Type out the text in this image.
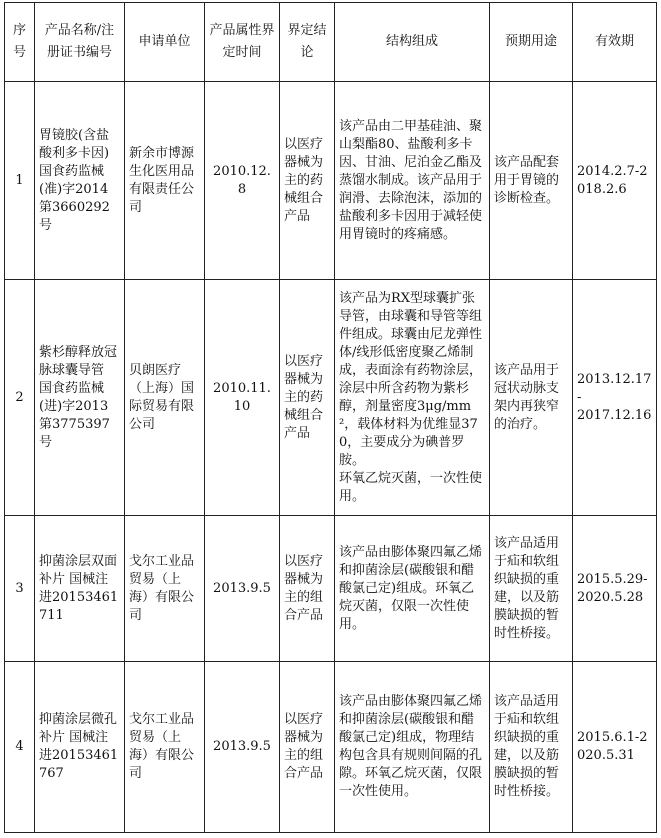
序号	产品名称/注册证书编号	申请单位	产品属性界定时间	界定结论	结构组成	预期用途	有效期
1	胃镜胶(含盐酸利多卡因) 国食药监械(准)字2014第3660292号	新余市博源生化医用品有限责任公司	2010.12.8	以医疗器械为主的药械组合产品	该产品由二甲基硅油、聚山梨酯80、盐酸利多卡因、甘油、尼泊金乙酯及蒸馏水制成。该产品用于润滑、去除泡沫，添加的盐酸利多卡因用于减轻使用胃镜时的疼痛感。	该产品配套用于胃镜的诊断检查。	2014.2.7-2018.2.6
2	紫杉醇释放冠脉球囊导管 国食药监械(进)字2013 第3775397号	贝朗医疗（上海）国
际贸易有限公司	2010.11.10	以医疗器械为主的药械组合产品	该产品为RX型球囊扩张导管，由球囊和导管等组件组成。球囊由尼龙弹性体/线形低密度聚乙烯制成，表面涂有药物涂层，涂层中所含药物为紫杉醇，剂量密度3μg/mm²，载体材料为优维显370，主要成分为碘普罗胺。
环氧乙烷灭菌，一次性使用。	该产品用于冠状动脉支架内再狭窄的治疗。	2013.12.17-
2017.12.16

3	抑菌涂层双面补片 国械注进20153461711	戈尔工业品贸易（上海）有限公司	2013.9.5	以医疗器械为主的组合产品	该产品由膨体聚四氟乙烯和抑菌涂层(碳酸银和醋酸氯己定)组成。环氧乙烷灭菌，仅限一次性使用。	该产品适用于疝和软组织缺损的重建，以及筋膜缺损的暂时性桥接。	2015.5.29-2020.5.28
4	抑菌涂层微孔补片 国械注进20153461767	戈尔工业品贸易（上海）有限公司	2013.9.5	以医疗器械为主的组合产品	该产品由膨体聚四氟乙烯和抑菌涂层(碳酸银和醋酸氯己定)组成，物理结构包含具有规则间隔的孔隙。环氧乙烷灭菌，仅限一次性使用。	该产品适用于疝和软组织缺损的重建，以及筋膜缺损的暂时性桥接。	2015.6.1-2020.5.31
